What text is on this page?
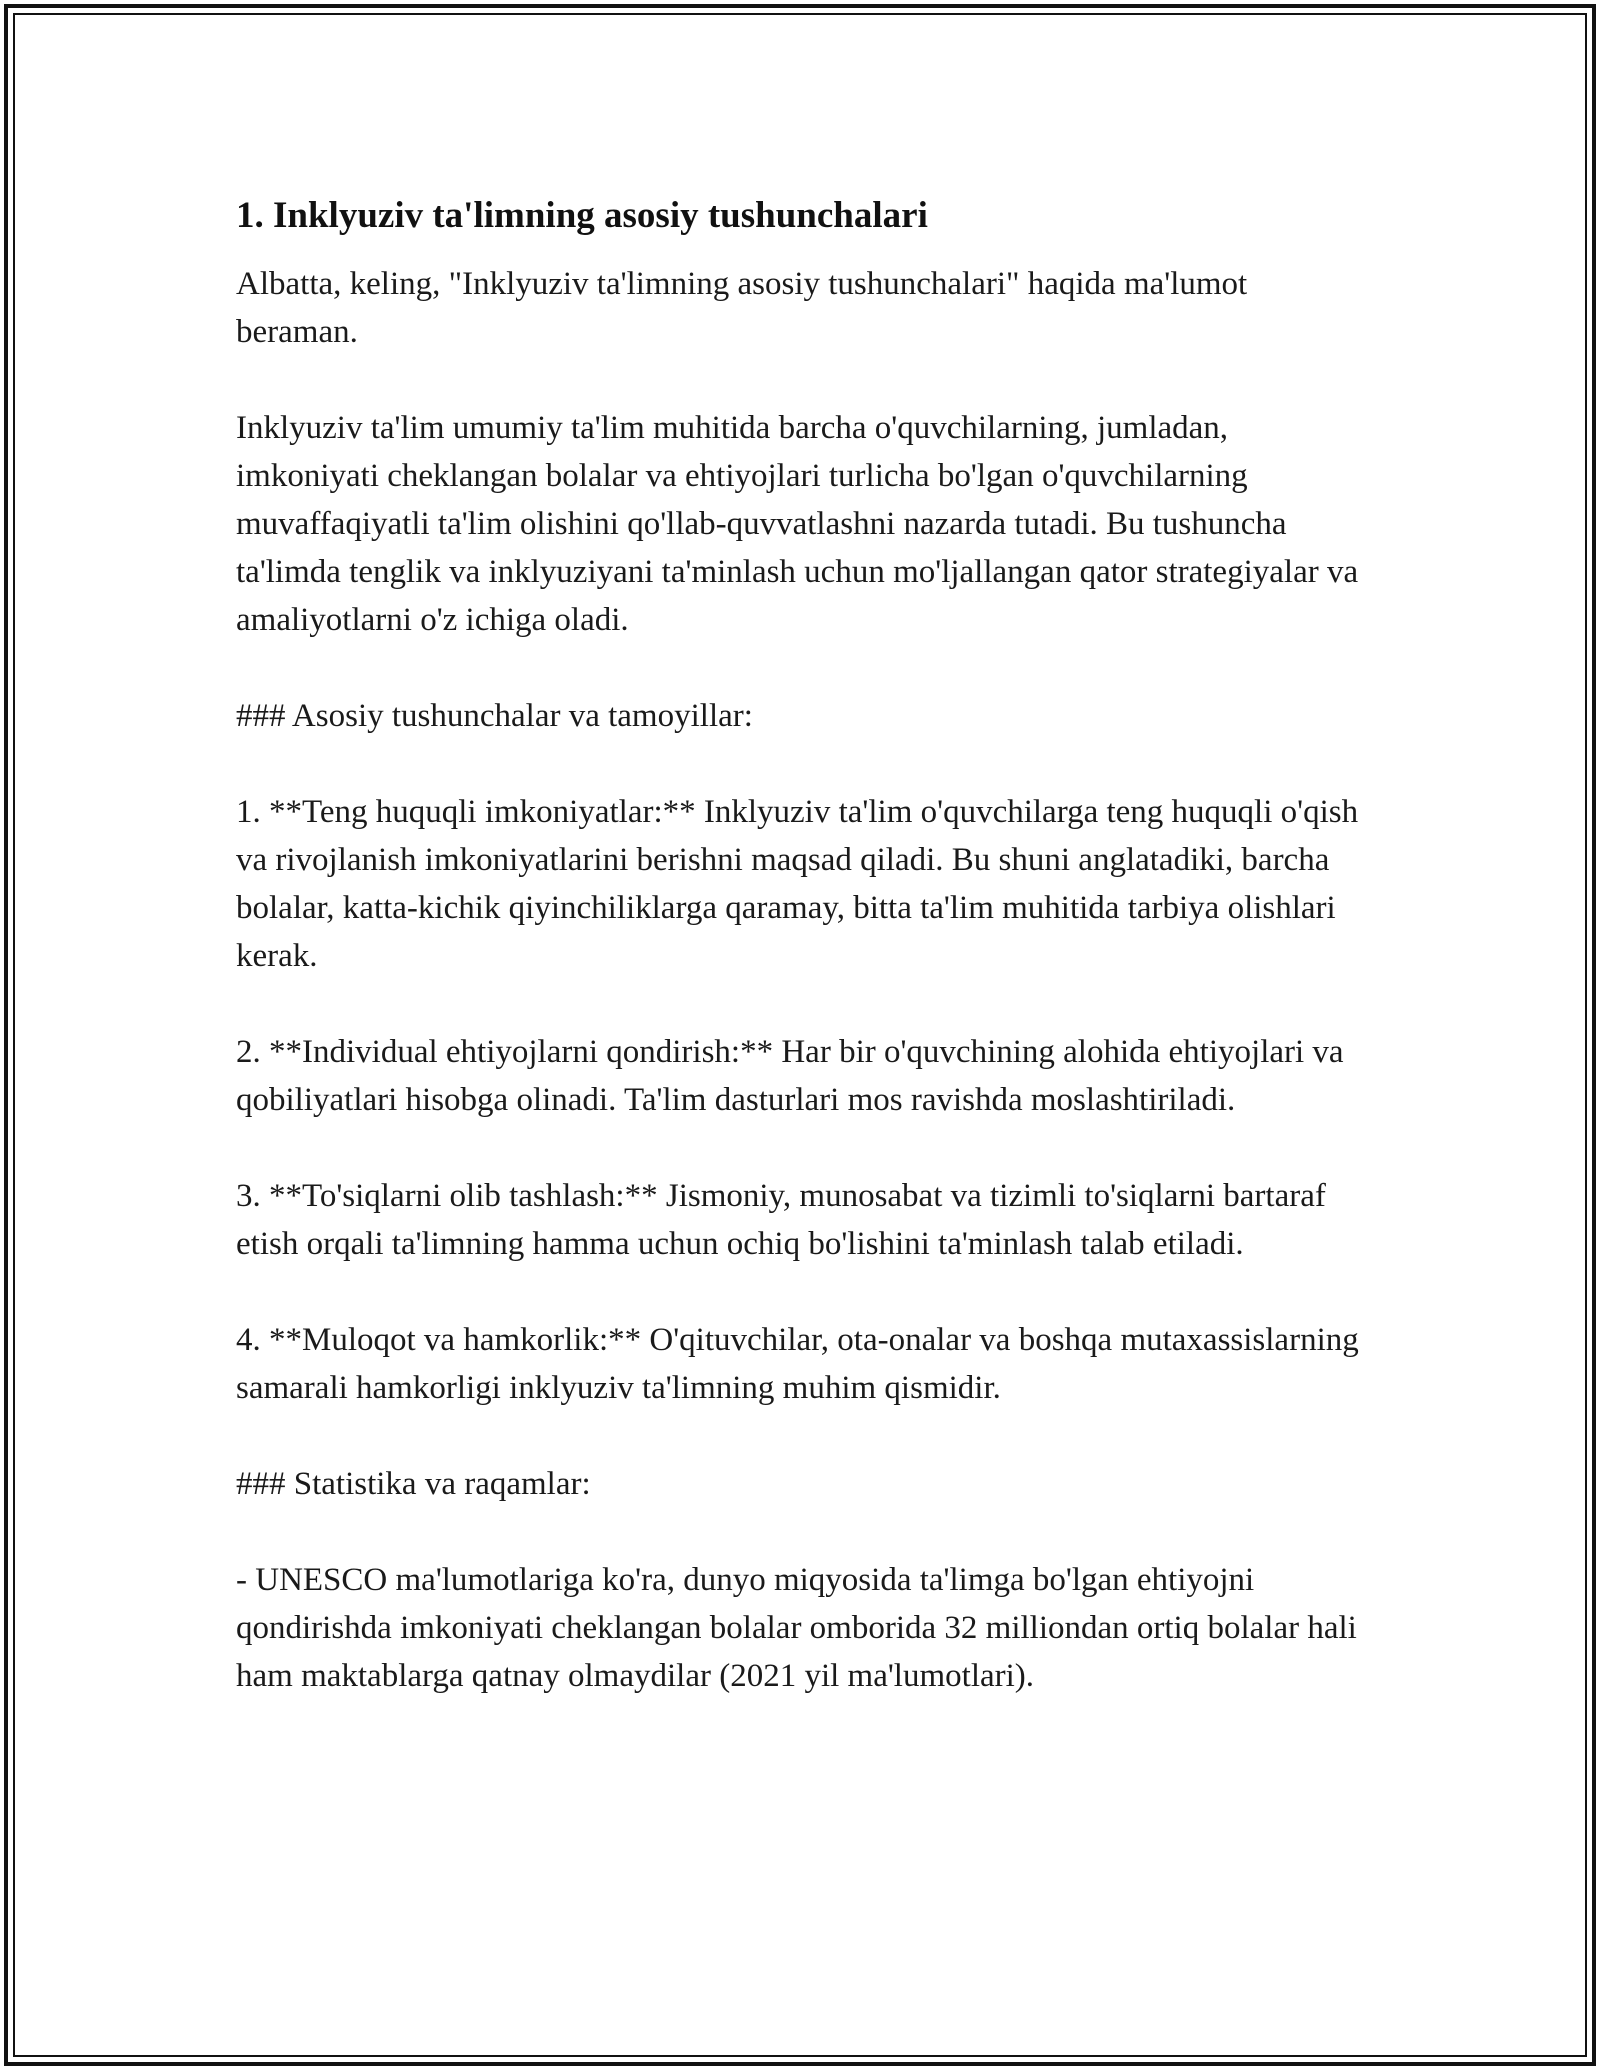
1. Inklyuziv ta'limning asosiy tushunchalari

Albatta, keling, "Inklyuziv ta'limning asosiy tushunchalari" haqida ma'lumot beraman.

Inklyuziv ta'lim umumiy ta'lim muhitida barcha o'quvchilarning, jumladan, imkoniyati cheklangan bolalar va ehtiyojlari turlicha bo'lgan o'quvchilarning muvaffaqiyatli ta'lim olishini qo'llab-quvvatlashni nazarda tutadi. Bu tushuncha ta'limda tenglik va inklyuziyani ta'minlash uchun mo'ljallangan qator strategiyalar va amaliyotlarni o'z ichiga oladi.

### Asosiy tushunchalar va tamoyillar:

1. **Teng huquqli imkoniyatlar:** Inklyuziv ta'lim o'quvchilarga teng huquqli o'qish va rivojlanish imkoniyatlarini berishni maqsad qiladi. Bu shuni anglatadiki, barcha bolalar, katta-kichik qiyinchiliklarga qaramay, bitta ta'lim muhitida tarbiya olishlari kerak.

2. **Individual ehtiyojlarni qondirish:** Har bir o'quvchining alohida ehtiyojlari va qobiliyatlari hisobga olinadi. Ta'lim dasturlari mos ravishda moslashtiriladi.

3. **To'siqlarni olib tashlash:** Jismoniy, munosabat va tizimli to'siqlarni bartaraf etish orqali ta'limning hamma uchun ochiq bo'lishini ta'minlash talab etiladi.

4. **Muloqot va hamkorlik:** O'qituvchilar, ota-onalar va boshqa mutaxassislarning samarali hamkorligi inklyuziv ta'limning muhim qismidir.

### Statistika va raqamlar:

- UNESCO ma'lumotlariga ko'ra, dunyo miqyosida ta'limga bo'lgan ehtiyojni qondirishda imkoniyati cheklangan bolalar omborida 32 milliondan ortiq bolalar hali ham maktablarga qatnay olmaydilar (2021 yil ma'lumotlari).
